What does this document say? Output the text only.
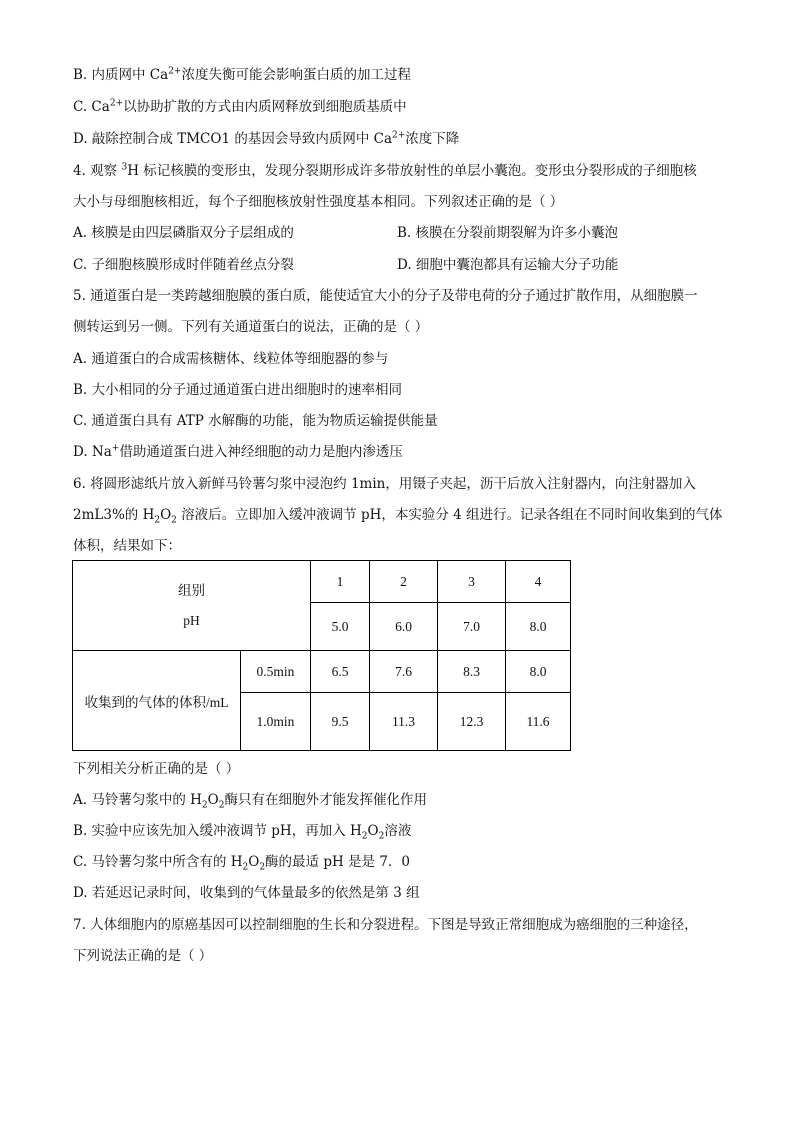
B. 内质网中 $Ca^{2+}$浓度失衡可能会影响蛋白质的加工过程
C. $Ca^{2+}$以协助扩散的方式由内质网释放到细胞质基质中
D. 敲除控制合成 TMCO1 的基因会导致内质网中 $Ca^{2+}$浓度下降
4. 观察 $^3$H 标记核膜的变形虫，发现分裂期形成许多带放射性的单层小囊泡。变形虫分裂形成的子细胞核
大小与母细胞核相近，每个子细胞核放射性强度基本相同。下列叙述正确的是（ ）
A. 核膜是由四层磷脂双分子层组成的	B. 核膜在分裂前期裂解为许多小囊泡
C. 子细胞核膜形成时伴随着丝点分裂	D. 细胞中囊泡都具有运输大分子功能
5. 通道蛋白是一类跨越细胞膜的蛋白质，能使适宜大小的分子及带电荷的分子通过扩散作用，从细胞膜一
侧转运到另一侧。下列有关通道蛋白的说法，正确的是（ ）
A. 通道蛋白的合成需核糖体、线粒体等细胞器的参与
B. 大小相同的分子通过通道蛋白进出细胞时的速率相同
C. 通道蛋白具有 ATP 水解酶的功能，能为物质运输提供能量
D. Na+借助通道蛋白进入神经细胞的动力是胞内渗透压
6. 将圆形滤纸片放入新鲜马铃薯匀浆中浸泡约 1min，用镊子夹起，沥干后放入注射器内，向注射器加入
2mL3%的 $H_2O_2$ 溶液后。立即加入缓冲液调节 pH，本实验分 4 组进行。记录各组在不同时间收集到的气体
体积，结果如下：
组别
pH		1	2	3	4
		5.0	6.0	7.0	8.0
收集到的气体的体积/mL	0.5min	6.5	7.6	8.3	8.0
	1.0min	9.5	11.3	12.3	11.6
下列相关分析正确的是（ ）
A. 马铃薯匀浆中的 $H_2O_2$酶只有在细胞外才能发挥催化作用
B. 实验中应该先加入缓冲液调节 pH，再加入 $H_2O_2$溶液
C. 马铃薯匀浆中所含有的 $H_2O_2$酶的最适 pH 是是 7．0
D. 若延迟记录时间，收集到的气体量最多的依然是第 3 组
7. 人体细胞内的原癌基因可以控制细胞的生长和分裂进程。下图是导致正常细胞成为癌细胞的三种途径，
下列说法正确的是（ ）
